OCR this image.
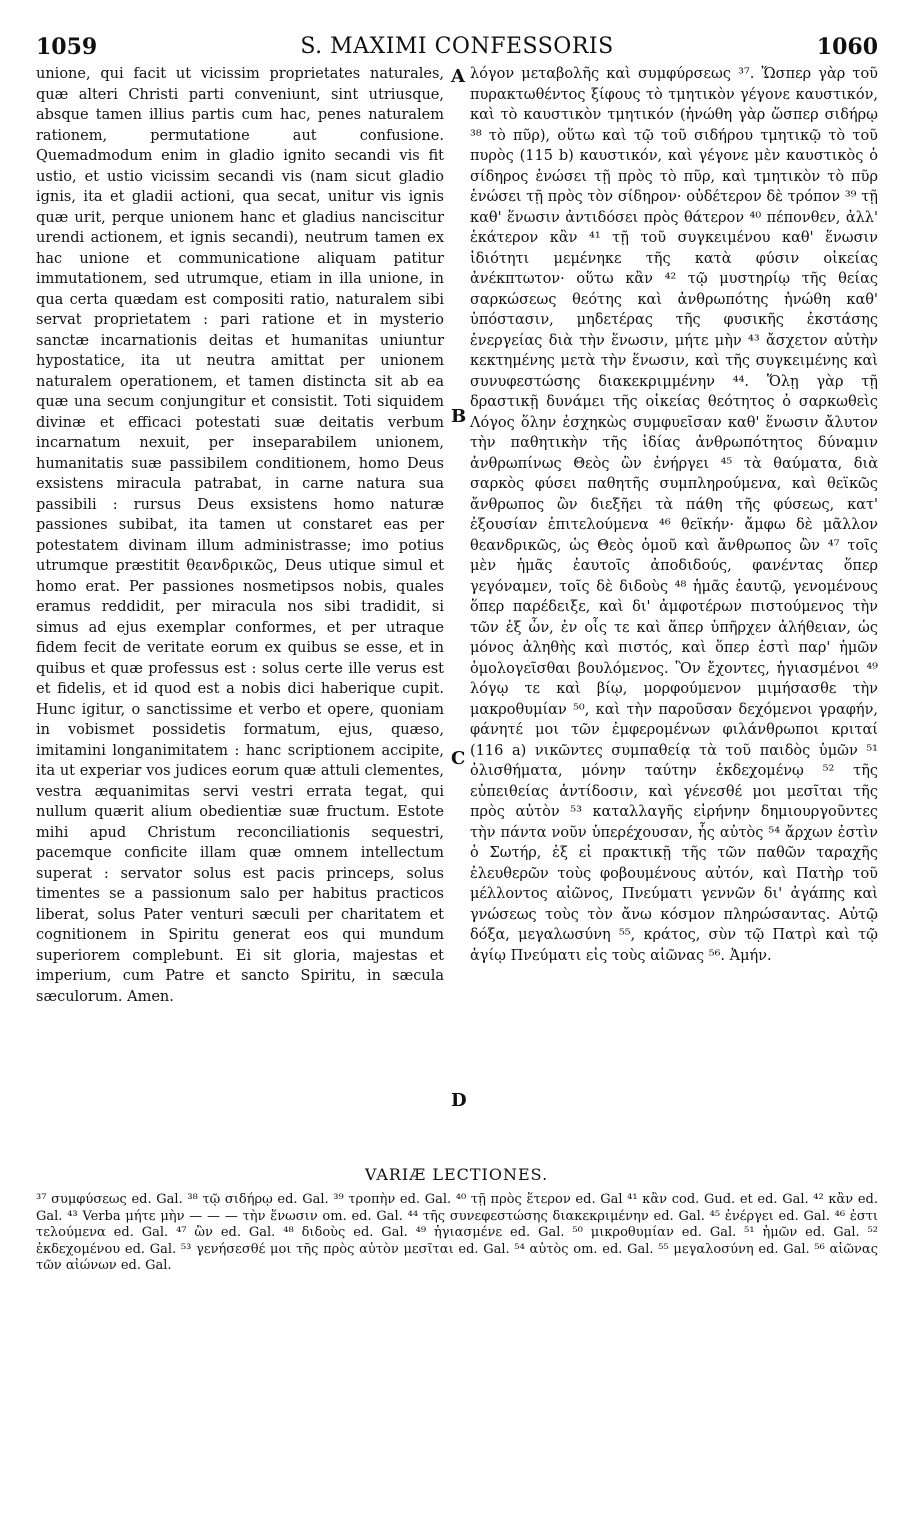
1059	S. MAXIMI CONFESSORIS	1060

unione, qui facit ut vicissim proprietates naturales, quæ alteri Christi parti conveniunt, sint utriusque, absque tamen illius partis cum hac, penes naturalem rationem, permutatione aut confusione. Quemadmodum enim in gladio ignito secandi vis fit ustio, et ustio vicissim secandi vis (nam sicut gladio ignis, ita et gladii actioni, qua secat, unitur vis ignis quæ urit, perque unionem hanc et gladius nanciscitur urendi actionem, et ignis secandi), neutrum tamen ex hac unione et communicatione aliquam patitur immutationem, sed utrumque, etiam in illa unione, in qua certa quædam est compositi ratio, naturalem sibi servat proprietatem : pari ratione et in mysterio sanctæ incarnationis deitas et humanitas uniuntur hypostatice, ita ut neutra amittat per unionem naturalem operationem, et tamen distincta sit ab ea quæ una secum conjungitur et consistit. Toti siquidem divinæ et efficaci potestati suæ deitatis verbum incarnatum nexuit, per inseparabilem unionem, humanitatis suæ passibilem conditionem, homo Deus exsistens miracula patrabat, in carne natura sua passibili : rursus Deus exsistens homo naturæ passiones subibat, ita tamen ut constaret eas per potestatem divinam illum administrasse; imo potius utrumque præstitit θεανδρικῶς, Deus utique simul et homo erat. Per passiones nosmetipsos nobis, quales eramus reddidit, per miracula nos sibi tradidit, si simus ad ejus exemplar conformes, et per utraque fidem fecit de veritate eorum ex quibus se esse, et in quibus et quæ professus est : solus certe ille verus est et fidelis, et id quod est a nobis dici haberique cupit. Hunc igitur, o sanctissime et verbo et opere, quoniam in vobismet possidetis formatum, ejus, quæso, imitamini longanimitatem : hanc scriptionem accipite, ita ut experiar vos judices eorum quæ attuli clementes, vestra æquanimitas servi vestri errata tegat, qui nullum quærit alium obedientiæ suæ fructum. Estote mihi apud Christum reconciliationis sequestri, pacemque conficite illam quæ omnem intellectum superat : servator solus est pacis princeps, solus timentes se a passionum salo per habitus practicos liberat, solus Pater venturi sæculi per charitatem et cognitionem in Spiritu generat eos qui mundum superiorem complebunt. Ei sit gloria, majestas et imperium, cum Patre et sancto Spiritu, in sæcula sæculorum. Amen.

A
B
C
D

λόγον μεταβολῆς καὶ συμφύρσεως ³⁷. Ὥσπερ γὰρ τοῦ πυρακτωθέντος ξίφους τὸ τμητικὸν γέγονε καυστικόν, καὶ τὸ καυστικὸν τμητικόν (ἡνώθη γὰρ ὥσπερ σιδήρῳ ³⁸ τὸ πῦρ), οὕτω καὶ τῷ τοῦ σιδήρου τμητικῷ τὸ τοῦ πυρὸς (115 b) καυστικόν, καὶ γέγονε μὲν καυστικὸς ὁ σίδηρος ἑνώσει τῇ πρὸς τὸ πῦρ, καὶ τμητικὸν τὸ πῦρ ἑνώσει τῇ πρὸς τὸν σίδηρον· οὐδέτερον δὲ τρόπον ³⁹ τῇ καθ' ἕνωσιν ἀντιδόσει πρὸς θάτερον ⁴⁰ πέπονθεν, ἀλλ' ἑκάτερον κἂν ⁴¹ τῇ τοῦ συγκειμένου καθ' ἕνωσιν ἰδιότητι μεμένηκε τῆς κατὰ φύσιν οἰκείας ἀνέκπτωτον· οὕτω κἂν ⁴² τῷ μυστηρίῳ τῆς θείας σαρκώσεως θεότης καὶ ἀνθρωπότης ἡνώθη καθ' ὑπόστασιν, μηδετέρας τῆς φυσικῆς ἐκστάσης ἐνεργείας διὰ τὴν ἕνωσιν, μήτε μὴν ⁴³ ἄσχετον αὐτὴν κεκτημένης μετὰ τὴν ἕνωσιν, καὶ τῆς συγκειμένης καὶ συνυφεστώσης διακεκριμμένην ⁴⁴. Ὅλῃ γὰρ τῇ δραστικῇ δυνάμει τῆς οἰκείας θεότητος ὁ σαρκωθεὶς Λόγος ὅλην ἐσχηκὼς συμφυεῖσαν καθ' ἕνωσιν ἄλυτον τὴν παθητικὴν τῆς ἰδίας ἀνθρωπότητος δύναμιν ἀνθρωπίνως Θεὸς ὢν ἐνήργει ⁴⁵ τὰ θαύματα, διὰ σαρκὸς φύσει παθητῆς συμπληρούμενα, καὶ θεϊκῶς ἄνθρωπος ὢν διεξῆει τὰ πάθη τῆς φύσεως, κατ' ἐξουσίαν ἐπιτελούμενα ⁴⁶ θεϊκήν· ἄμφω δὲ μᾶλλον θεανδρικῶς, ὡς Θεὸς ὁμοῦ καὶ ἄνθρωπος ὢν ⁴⁷ τοῖς μὲν ἡμᾶς ἑαυτοῖς ἀποδιδούς, φανέντας ὅπερ γεγόναμεν, τοῖς δὲ διδοὺς ⁴⁸ ἡμᾶς ἑαυτῷ, γενομένους ὅπερ παρέδειξε, καὶ δι' ἀμφοτέρων πιστούμενος τὴν τῶν ἐξ ὧν, ἐν οἷς τε καὶ ἅπερ ὑπῆρχεν ἀλήθειαν, ὡς μόνος ἀληθὴς καὶ πιστός, καὶ ὅπερ ἐστὶ παρ' ἡμῶν ὁμολογεῖσθαι βουλόμενος. Ὃν ἔχοντες, ἡγιασμένοι ⁴⁹ λόγῳ τε καὶ βίῳ, μορφούμενον μιμήσασθε τὴν μακροθυμίαν ⁵⁰, καὶ τὴν παροῦσαν δεχόμενοι γραφήν, φάνητέ μοι τῶν ἐμφερομένων φιλάνθρωποι κριταί (116 a) νικῶντες συμπαθείᾳ τὰ τοῦ παιδὸς ὑμῶν ⁵¹ ὀλισθήματα, μόνην ταύτην ἐκδεχομένῳ ⁵² τῆς εὐπειθείας ἀντίδοσιν, καὶ γένεσθέ μοι μεσῖται τῆς πρὸς αὐτὸν ⁵³ καταλλαγῆς εἰρήνην δημιουργοῦντες τὴν πάντα νοῦν ὑπερέχουσαν, ἧς αὐτὸς ⁵⁴ ἄρχων ἐστὶν ὁ Σωτήρ, ἐξ εἰ πρακτικῇ τῆς τῶν παθῶν ταραχῆς ἐλευθερῶν τοὺς φοβουμένους αὐτόν, καὶ Πατὴρ τοῦ μέλλοντος αἰῶνος, Πνεύματι γεννῶν δι' ἀγάπης καὶ γνώσεως τοὺς τὸν ἄνω κόσμον πληρώσαντας. Αὐτῷ δόξα, μεγαλωσύνη ⁵⁵, κράτος, σὺν τῷ Πατρὶ καὶ τῷ ἁγίῳ Πνεύματι εἰς τοὺς αἰῶνας ⁵⁶. Ἀμήν.

VARIÆ LECTIONES.

³⁷ συμφύσεως ed. Gal. ³⁸ τῷ σιδήρῳ ed. Gal. ³⁹ τροπὴν ed. Gal. ⁴⁰ τῇ πρὸς ἕτερον ed. Gal ⁴¹ κἂν cod. Gud. et ed. Gal. ⁴² κἂν ed. Gal. ⁴³ Verba μήτε μὴν — — — τὴν ἕνωσιν om. ed. Gal. ⁴⁴ τῆς συνεφεστώσης διακεκριμένην ed. Gal. ⁴⁵ ἐνέργει ed. Gal. ⁴⁶ ἐστι τελούμενα ed. Gal. ⁴⁷ ὢν ed. Gal. ⁴⁸ διδοὺς ed. Gal. ⁴⁹ ἡγιασμένε ed. Gal. ⁵⁰ μικροθυμίαν ed. Gal. ⁵¹ ἡμῶν ed. Gal. ⁵² ἐκδεχομένου ed. Gal. ⁵³ γενήσεσθέ μοι τῆς πρὸς αὐτὸν μεσῖται ed. Gal. ⁵⁴ αὐτὸς om. ed. Gal. ⁵⁵ μεγαλοσύνη ed. Gal. ⁵⁶ αἰῶνας τῶν αἰώνων ed. Gal.
